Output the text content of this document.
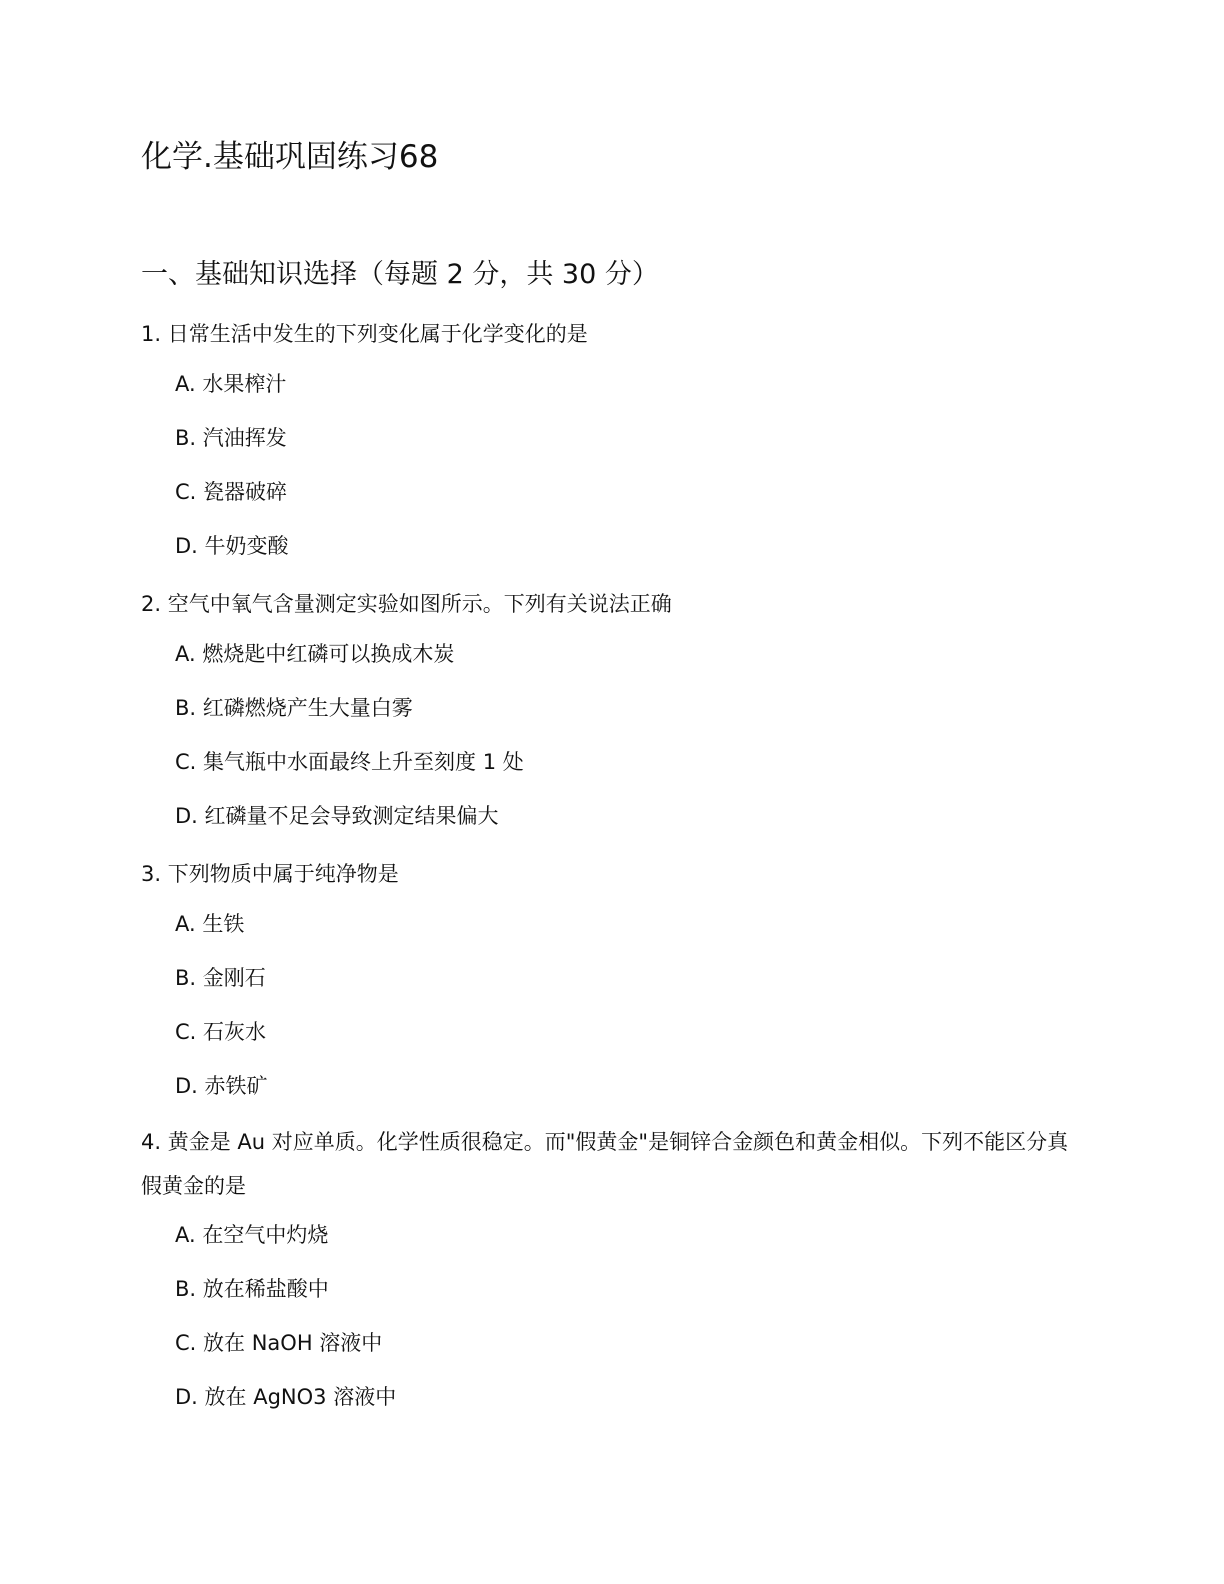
化学.基础巩固练习68
一、基础知识选择（每题 2 分，共 30 分）

1. 日常生活中发生的下列变化属于化学变化的是

A. 水果榨汁
B. 汽油挥发
C. 瓷器破碎
D. 牛奶变酸

2. 空气中氧气含量测定实验如图所示。下列有关说法正确

A. 燃烧匙中红磷可以换成木炭
B. 红磷燃烧产生大量白雾
C. 集气瓶中水面最终上升至刻度 1 处
D. 红磷量不足会导致测定结果偏大

3. 下列物质中属于纯净物是

A. 生铁
B. 金刚石
C. 石灰水
D. 赤铁矿

4. 黄金是 Au 对应单质。化学性质很稳定。而"假黄金"是铜锌合金颜色和黄金相似。下列不能区分真假黄金的是

A. 在空气中灼烧
B. 放在稀盐酸中
C. 放在 NaOH 溶液中
D. 放在 AgNO3 溶液中
